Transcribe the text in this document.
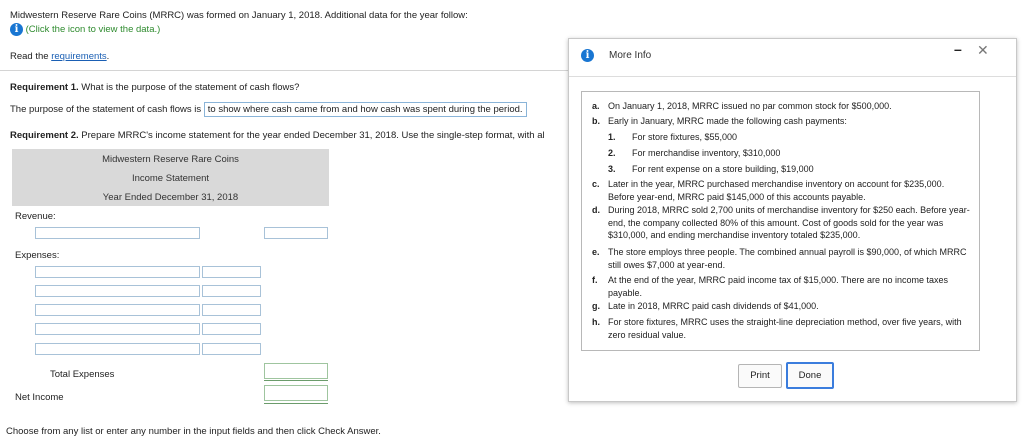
Midwestern Reserve Rare Coins (MRRC) was formed on January 1, 2018. Additional data for the year follow:
i (Click the icon to view the data.)
Read the requirements.
Requirement 1. What is the purpose of the statement of cash flows?
The purpose of the statement of cash flows is to show where cash came from and how cash was spent during the period.
Requirement 2. Prepare MRRC's income statement for the year ended December 31, 2018. Use the single-step format, with al
Midwestern Reserve Rare Coins
Income Statement
Year Ended December 31, 2018
Revenue:
Expenses:
Total Expenses
Net Income
Choose from any list or enter any number in the input fields and then click Check Answer.
i	More Info	– ✕
a. On January 1, 2018, MRRC issued no par common stock for $500,000.
b. Early in January, MRRC made the following cash payments:
1. For store fixtures, $55,000
2. For merchandise inventory, $310,000
3. For rent expense on a store building, $19,000
c. Later in the year, MRRC purchased merchandise inventory on account for $235,000. Before year-end, MRRC paid $145,000 of this accounts payable.
d. During 2018, MRRC sold 2,700 units of merchandise inventory for $250 each. Before year-end, the company collected 80% of this amount. Cost of goods sold for the year was $310,000, and ending merchandise inventory totaled $235,000.
e. The store employs three people. The combined annual payroll is $90,000, of which MRRC still owes $7,000 at year-end.
f. At the end of the year, MRRC paid income tax of $15,000. There are no income taxes payable.
g. Late in 2018, MRRC paid cash dividends of $41,000.
h. For store fixtures, MRRC uses the straight-line depreciation method, over five years, with zero residual value.
Print	Done
